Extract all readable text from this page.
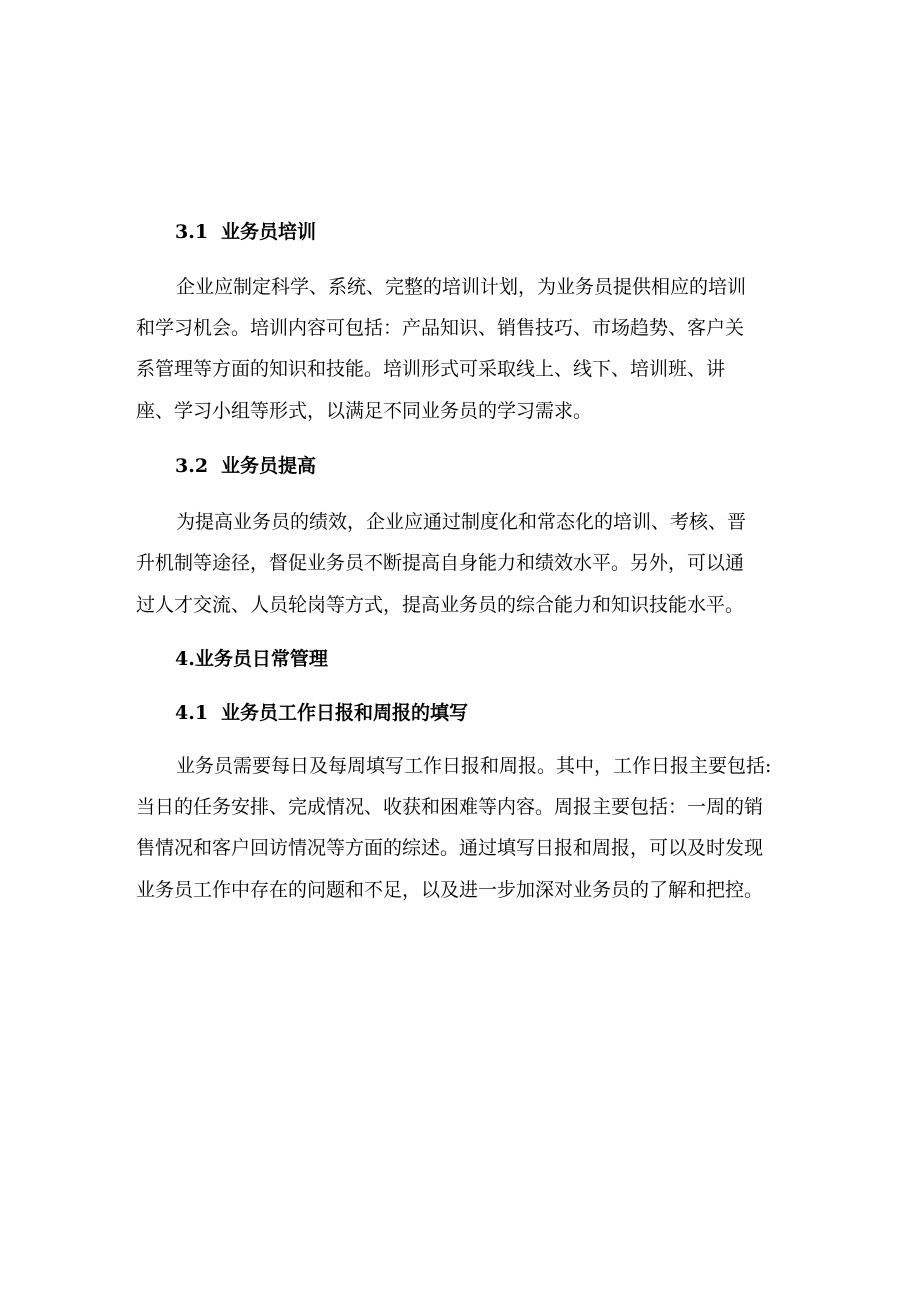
3.1 业务员培训
企业应制定科学、系统、完整的培训计划，为业务员提供相应的培训
和学习机会。培训内容可包括：产品知识、销售技巧、市场趋势、客户关
系管理等方面的知识和技能。培训形式可采取线上、线下、培训班、讲
座、学习小组等形式，以满足不同业务员的学习需求。
3.2 业务员提高
为提高业务员的绩效，企业应通过制度化和常态化的培训、考核、晋
升机制等途径，督促业务员不断提高自身能力和绩效水平。另外，可以通
过人才交流、人员轮岗等方式，提高业务员的综合能力和知识技能水平。
4.业务员日常管理
4.1 业务员工作日报和周报的填写
业务员需要每日及每周填写工作日报和周报。其中，工作日报主要包括:
当日的任务安排、完成情况、收获和困难等内容。周报主要包括：一周的销
售情况和客户回访情况等方面的综述。通过填写日报和周报，可以及时发现
业务员工作中存在的问题和不足，以及进一步加深对业务员的了解和把控。
